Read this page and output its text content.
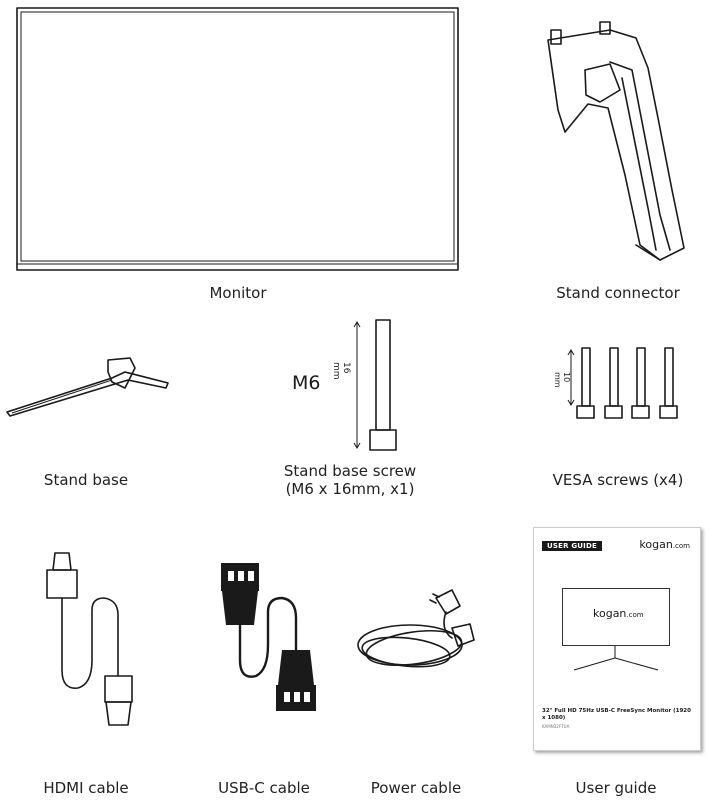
Monitor	Stand connector
Stand base
M6
16 mm
Stand base screw
(M6 x 16mm, x1)
10 mm
VESA screws (x4)
HDMI cable	USB-C cable	Power cable
USER GUIDE	kogan.com
kogan.com
32" Full HD 75Hz USB-C FreeSync Monitor (1920 x 1080)
KAMN32F7UA
User guide
